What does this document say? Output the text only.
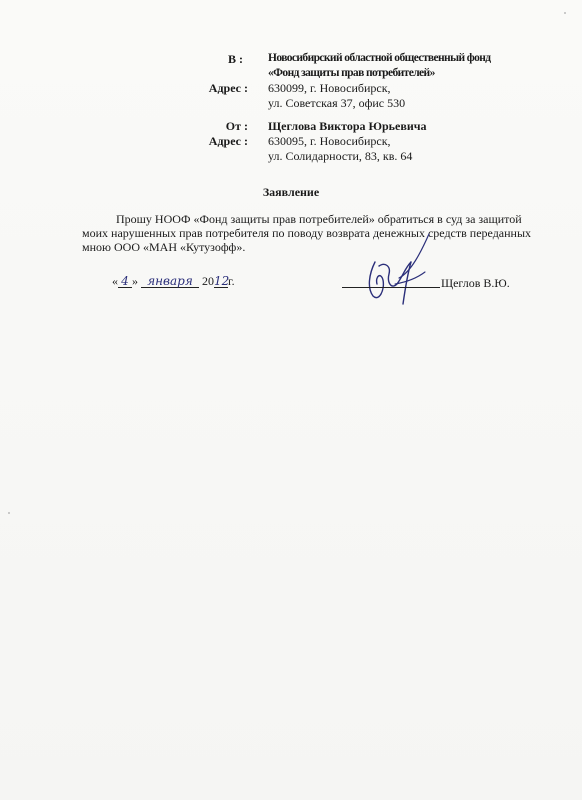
В : Новосибирский областной общественный фонд
«Фонд защиты прав потребителей»
Адрес : 630099, г. Новосибирск,
ул. Советская 37, офис 530
От : Щеглова Виктора Юрьевича
Адрес : 630095, г. Новосибирск,
ул. Солидарности, 83, кв. 64
Заявление
Прошу НООФ «Фонд защиты прав потребителей» обратиться в суд за защитой моих нарушенных прав потребителя по поводу возврата денежных средств переданных мною ООО «МАН «Кутузофф».
« 4 » января 2012г.	Щеглов В.Ю.
